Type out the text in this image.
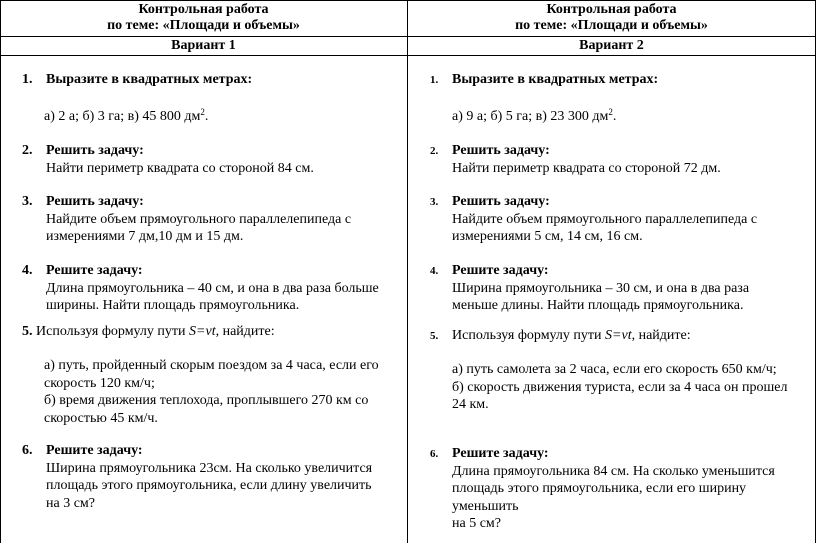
Контрольная работа
по теме: «Площади и объемы»
Вариант 1
Контрольная работа
по теме: «Площади и объемы»
Вариант 2
1. Выразите в квадратных метрах:
а) 2 а; б) 3 га; в) 45 800 $дм^2$.
2. Решить задачу:
Найти периметр квадрата со стороной 84 см.
3. Решить задачу:
Найдите объем прямоугольного параллелепипеда с
измерениями 7 дм,10 дм и 15 дм.
4. Решите задачу:
Длина прямоугольника – 40 см, и она в два раза больше
ширины. Найти площадь прямоугольника.
5. Используя формулу пути S=vt, найдите:
а) путь, пройденный скорым поездом за 4 часа, если его
скорость 120 км/ч;
б) время движения теплохода, проплывшего 270 км со
скоростью 45 км/ч.
6. Решите задачу:
Ширина прямоугольника 23см. На сколько увеличится
площадь этого прямоугольника, если длину увеличить
на 3 см?
1. Выразите в квадратных метрах:
а) 9 а; б) 5 га; в) 23 300 $дм^2$.
2. Решить задачу:
Найти периметр квадрата со стороной 72 дм.
3. Решить задачу:
Найдите объем прямоугольного параллелепипеда с
измерениями 5 см, 14 см, 16 см.
4. Решите задачу:
Ширина прямоугольника – 30 см, и она в два раза
меньше длины. Найти площадь прямоугольника.
5. Используя формулу пути S=vt, найдите:
а) путь самолета за 2 часа, если его скорость 650 км/ч;
б) скорость движения туриста, если за 4 часа он прошел
24 км.
6. Решите задачу:
Длина прямоугольника 84 см. На сколько уменьшится
площадь этого прямоугольника, если его ширину уменьшить
на 5 см?
